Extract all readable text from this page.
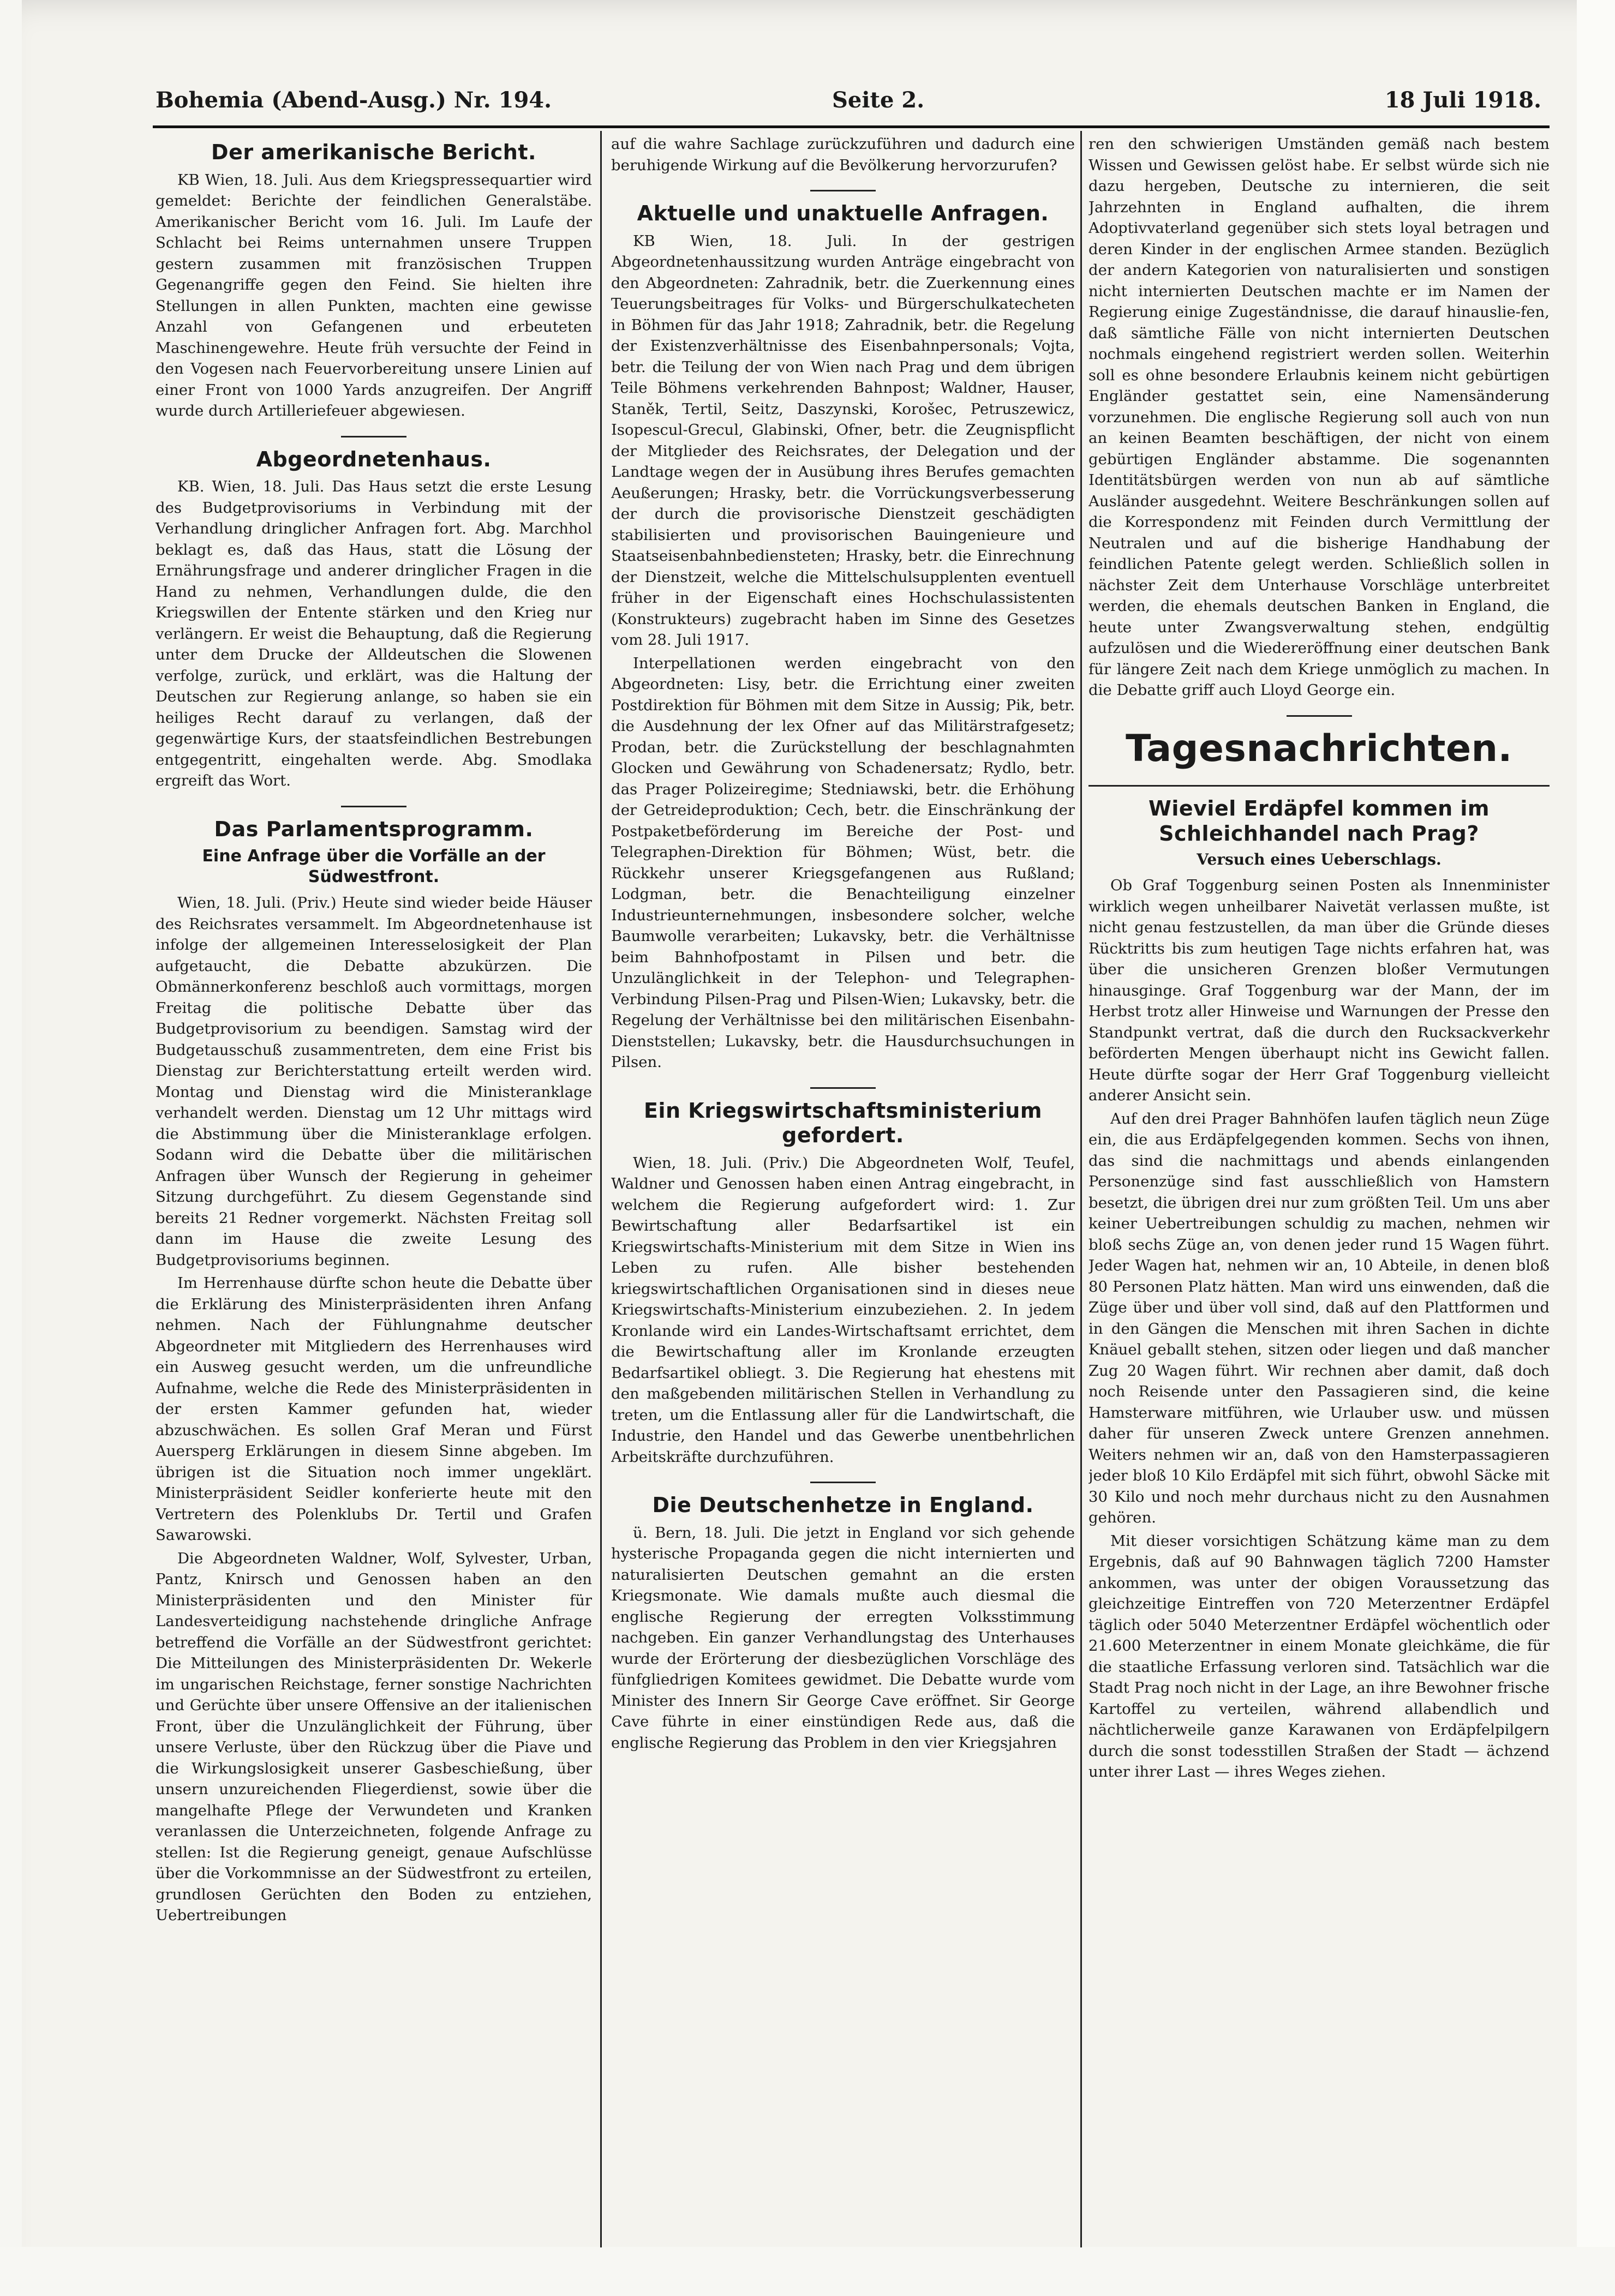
Bohemia (Abend-Ausg.) Nr. 194.	Seite 2.	18 Juli 1918.
Der amerikanische Bericht.

KB Wien, 18. Juli. Aus dem Kriegspressequartier wird gemeldet: Berichte der feindlichen Generalstäbe. Amerikanischer Bericht vom 16. Juli. Im Laufe der Schlacht bei Reims unternahmen unsere Truppen gestern zusammen mit französischen Truppen Gegenangriffe gegen den Feind. Sie hielten ihre Stellungen in allen Punkten, machten eine gewisse Anzahl von Gefangenen und erbeuteten Maschinengewehre. Heute früh versuchte der Feind in den Vogesen nach Feuervorbereitung unsere Linien auf einer Front von 1000 Yards anzugreifen. Der Angriff wurde durch Artilleriefeuer abgewiesen.

Abgeordnetenhaus.

KB. Wien, 18. Juli. Das Haus setzt die erste Lesung des Budgetprovisoriums in Verbindung mit der Verhandlung dringlicher Anfragen fort. Abg. Marchhol beklagt es, daß das Haus, statt die Lösung der Ernährungsfrage und anderer dringlicher Fragen in die Hand zu nehmen, Verhandlungen dulde, die den Kriegswillen der Entente stärken und den Krieg nur verlängern. Er weist die Behauptung, daß die Regierung unter dem Drucke der Alldeutschen die Slowenen verfolge, zurück, und erklärt, was die Haltung der Deutschen zur Regierung anlange, so haben sie ein heiliges Recht darauf zu verlangen, daß der gegenwärtige Kurs, der staatsfeindlichen Bestrebungen entgegentritt, eingehalten werde. Abg. Smodlaka ergreift das Wort.

Das Parlamentsprogramm.
Eine Anfrage über die Vorfälle an der Südwestfront.

Wien, 18. Juli. (Priv.) Heute sind wieder beide Häuser des Reichsrates versammelt. Im Abgeordnetenhause ist infolge der allgemeinen Interesselosigkeit der Plan aufgetaucht, die Debatte abzukürzen. Die Obmännerkonferenz beschloß auch vormittags, morgen Freitag die politische Debatte über das Budgetprovisorium zu beendigen. Samstag wird der Budgetausschuß zusammentreten, dem eine Frist bis Dienstag zur Berichterstattung erteilt werden wird. Montag und Dienstag wird die Ministeranklage verhandelt werden. Dienstag um 12 Uhr mittags wird die Abstimmung über die Ministeranklage erfolgen. Sodann wird die Debatte über die militärischen Anfragen über Wunsch der Regierung in geheimer Sitzung durchgeführt. Zu diesem Gegenstande sind bereits 21 Redner vorgemerkt. Nächsten Freitag soll dann im Hause die zweite Lesung des Budgetprovisoriums beginnen.

Im Herrenhause dürfte schon heute die Debatte über die Erklärung des Ministerpräsidenten ihren Anfang nehmen. Nach der Fühlungnahme deutscher Abgeordneter mit Mitgliedern des Herrenhauses wird ein Ausweg gesucht werden, um die unfreundliche Aufnahme, welche die Rede des Ministerpräsidenten in der ersten Kammer gefunden hat, wieder abzuschwächen. Es sollen Graf Meran und Fürst Auersperg Erklärungen in diesem Sinne abgeben. Im übrigen ist die Situation noch immer ungeklärt. Ministerpräsident Seidler konferierte heute mit den Vertretern des Polenklubs Dr. Tertil und Grafen Sawarowski.

Die Abgeordneten Waldner, Wolf, Sylvester, Urban, Pantz, Knirsch und Genossen haben an den Ministerpräsidenten und den Minister für Landesverteidigung nachstehende dringliche Anfrage betreffend die Vorfälle an der Südwestfront gerichtet: Die Mitteilungen des Ministerpräsidenten Dr. Wekerle im ungarischen Reichstage, ferner sonstige Nachrichten und Gerüchte über unsere Offensive an der italienischen Front, über die Unzulänglichkeit der Führung, über unsere Verluste, über den Rückzug über die Piave und die Wirkungslosigkeit unserer Gasbeschießung, über unsern unzureichenden Fliegerdienst, sowie über die mangelhafte Pflege der Verwundeten und Kranken veranlassen die Unterzeichneten, folgende Anfrage zu stellen: Ist die Regierung geneigt, genaue Aufschlüsse über die Vorkommnisse an der Südwestfront zu erteilen, grundlosen Gerüchten den Boden zu entziehen, Uebertreibungen

auf die wahre Sachlage zurückzuführen und dadurch eine beruhigende Wirkung auf die Bevölkerung hervorzurufen?

Aktuelle und unaktuelle Anfragen.

KB Wien, 18. Juli. In der gestrigen Abgeordnetenhaussitzung wurden Anträge eingebracht von den Abgeordneten: Zahradnik, betr. die Zuerkennung eines Teuerungsbeitrages für Volks- und Bürgerschulkatecheten in Böhmen für das Jahr 1918; Zahradnik, betr. die Regelung der Existenzverhältnisse des Eisenbahnpersonals; Vojta, betr. die Teilung der von Wien nach Prag und dem übrigen Teile Böhmens verkehrenden Bahnpost; Waldner, Hauser, Staněk, Tertil, Seitz, Daszynski, Korošec, Petruszewicz, Isopescul-Grecul, Glabinski, Ofner, betr. die Zeugnispflicht der Mitglieder des Reichsrates, der Delegation und der Landtage wegen der in Ausübung ihres Berufes gemachten Aeußerungen; Hrasky, betr. die Vorrückungsverbesserung der durch die provisorische Dienstzeit geschädigten stabilisierten und provisorischen Bauingenieure und Staatseisenbahnbediensteten; Hrasky, betr. die Einrechnung der Dienstzeit, welche die Mittelschulsupplenten eventuell früher in der Eigenschaft eines Hochschulassistenten (Konstrukteurs) zugebracht haben im Sinne des Gesetzes vom 28. Juli 1917.

Interpellationen werden eingebracht von den Abgeordneten: Lisy, betr. die Errichtung einer zweiten Postdirektion für Böhmen mit dem Sitze in Aussig; Pik, betr. die Ausdehnung der lex Ofner auf das Militärstrafgesetz; Prodan, betr. die Zurückstellung der beschlagnahmten Glocken und Gewährung von Schadenersatz; Rydlo, betr. das Prager Polizeiregime; Stedniawski, betr. die Erhöhung der Getreideproduktion; Cech, betr. die Einschränkung der Postpaketbeförderung im Bereiche der Post- und Telegraphen-Direktion für Böhmen; Wüst, betr. die Rückkehr unserer Kriegsgefangenen aus Rußland; Lodgman, betr. die Benachteiligung einzelner Industrieunternehmungen, insbesondere solcher, welche Baumwolle verarbeiten; Lukavsky, betr. die Verhältnisse beim Bahnhofpostamt in Pilsen und betr. die Unzulänglichkeit in der Telephon- und Telegraphen-Verbindung Pilsen-Prag und Pilsen-Wien; Lukavsky, betr. die Regelung der Verhältnisse bei den militärischen Eisenbahn-Dienststellen; Lukavsky, betr. die Hausdurchsuchungen in Pilsen.

Ein Kriegswirtschaftsministerium gefordert.

Wien, 18. Juli. (Priv.) Die Abgeordneten Wolf, Teufel, Waldner und Genossen haben einen Antrag eingebracht, in welchem die Regierung aufgefordert wird: 1. Zur Bewirtschaftung aller Bedarfsartikel ist ein Kriegswirtschafts-Ministerium mit dem Sitze in Wien ins Leben zu rufen. Alle bisher bestehenden kriegswirtschaftlichen Organisationen sind in dieses neue Kriegswirtschafts-Ministerium einzubeziehen. 2. In jedem Kronlande wird ein Landes-Wirtschaftsamt errichtet, dem die Bewirtschaftung aller im Kronlande erzeugten Bedarfsartikel obliegt. 3. Die Regierung hat ehestens mit den maßgebenden militärischen Stellen in Verhandlung zu treten, um die Entlassung aller für die Landwirtschaft, die Industrie, den Handel und das Gewerbe unentbehrlichen Arbeitskräfte durchzuführen.

Die Deutschenhetze in England.

ü. Bern, 18. Juli. Die jetzt in England vor sich gehende hysterische Propaganda gegen die nicht internierten und naturalisierten Deutschen gemahnt an die ersten Kriegsmonate. Wie damals mußte auch diesmal die englische Regierung der erregten Volksstimmung nachgeben. Ein ganzer Verhandlungstag des Unterhauses wurde der Erörterung der diesbezüglichen Vorschläge des fünfgliedrigen Komitees gewidmet. Die Debatte wurde vom Minister des Innern Sir George Cave eröffnet. Sir George Cave führte in einer einstündigen Rede aus, daß die englische Regierung das Problem in den vier Kriegsjahren

ren den schwierigen Umständen gemäß nach bestem Wissen und Gewissen gelöst habe. Er selbst würde sich nie dazu hergeben, Deutsche zu internieren, die seit Jahrzehnten in England aufhalten, die ihrem Adoptivvaterland gegenüber sich stets loyal betragen und deren Kinder in der englischen Armee standen. Bezüglich der andern Kategorien von naturalisierten und sonstigen nicht internierten Deutschen machte er im Namen der Regierung einige Zugeständnisse, die darauf hinauslie-fen, daß sämtliche Fälle von nicht internierten Deutschen nochmals eingehend registriert werden sollen. Weiterhin soll es ohne besondere Erlaubnis keinem nicht gebürtigen Engländer gestattet sein, eine Namensänderung vorzunehmen. Die englische Regierung soll auch von nun an keinen Beamten beschäftigen, der nicht von einem gebürtigen Engländer abstamme. Die sogenannten Identitätsbürgen werden von nun ab auf sämtliche Ausländer ausgedehnt. Weitere Beschränkungen sollen auf die Korrespondenz mit Feinden durch Vermittlung der Neutralen und auf die bisherige Handhabung der feindlichen Patente gelegt werden. Schließlich sollen in nächster Zeit dem Unterhause Vorschläge unterbreitet werden, die ehemals deutschen Banken in England, die heute unter Zwangsverwaltung stehen, endgültig aufzulösen und die Wiedereröffnung einer deutschen Bank für längere Zeit nach dem Kriege unmöglich zu machen. In die Debatte griff auch Lloyd George ein.

Tagesnachrichten.
Wieviel Erdäpfel kommen im Schleichhandel nach Prag?
Versuch eines Ueberschlags.

Ob Graf Toggenburg seinen Posten als Innenminister wirklich wegen unheilbarer Naivetät verlassen mußte, ist nicht genau festzustellen, da man über die Gründe dieses Rücktritts bis zum heutigen Tage nichts erfahren hat, was über die unsicheren Grenzen bloßer Vermutungen hinausginge. Graf Toggenburg war der Mann, der im Herbst trotz aller Hinweise und Warnungen der Presse den Standpunkt vertrat, daß die durch den Rucksackverkehr beförderten Mengen überhaupt nicht ins Gewicht fallen. Heute dürfte sogar der Herr Graf Toggenburg vielleicht anderer Ansicht sein.

Auf den drei Prager Bahnhöfen laufen täglich neun Züge ein, die aus Erdäpfelgegenden kommen. Sechs von ihnen, das sind die nachmittags und abends einlangenden Personenzüge sind fast ausschließlich von Hamstern besetzt, die übrigen drei nur zum größten Teil. Um uns aber keiner Uebertreibungen schuldig zu machen, nehmen wir bloß sechs Züge an, von denen jeder rund 15 Wagen führt. Jeder Wagen hat, nehmen wir an, 10 Abteile, in denen bloß 80 Personen Platz hätten. Man wird uns einwenden, daß die Züge über und über voll sind, daß auf den Plattformen und in den Gängen die Menschen mit ihren Sachen in dichte Knäuel geballt stehen, sitzen oder liegen und daß mancher Zug 20 Wagen führt. Wir rechnen aber damit, daß doch noch Reisende unter den Passagieren sind, die keine Hamsterware mitführen, wie Urlauber usw. und müssen daher für unseren Zweck untere Grenzen annehmen. Weiters nehmen wir an, daß von den Hamsterpassagieren jeder bloß 10 Kilo Erdäpfel mit sich führt, obwohl Säcke mit 30 Kilo und noch mehr durchaus nicht zu den Ausnahmen gehören.

Mit dieser vorsichtigen Schätzung käme man zu dem Ergebnis, daß auf 90 Bahnwagen täglich 7200 Hamster ankommen, was unter der obigen Voraussetzung das gleichzeitige Eintreffen von 720 Meterzentner Erdäpfel täglich oder 5040 Meterzentner Erdäpfel wöchentlich oder 21.600 Meterzentner in einem Monate gleichkäme, die für die staatliche Erfassung verloren sind. Tatsächlich war die Stadt Prag noch nicht in der Lage, an ihre Bewohner frische Kartoffel zu verteilen, während allabendlich und nächtlicherweile ganze Karawanen von Erdäpfelpilgern durch die sonst todesstillen Straßen der Stadt — ächzend unter ihrer Last — ihres Weges ziehen.
